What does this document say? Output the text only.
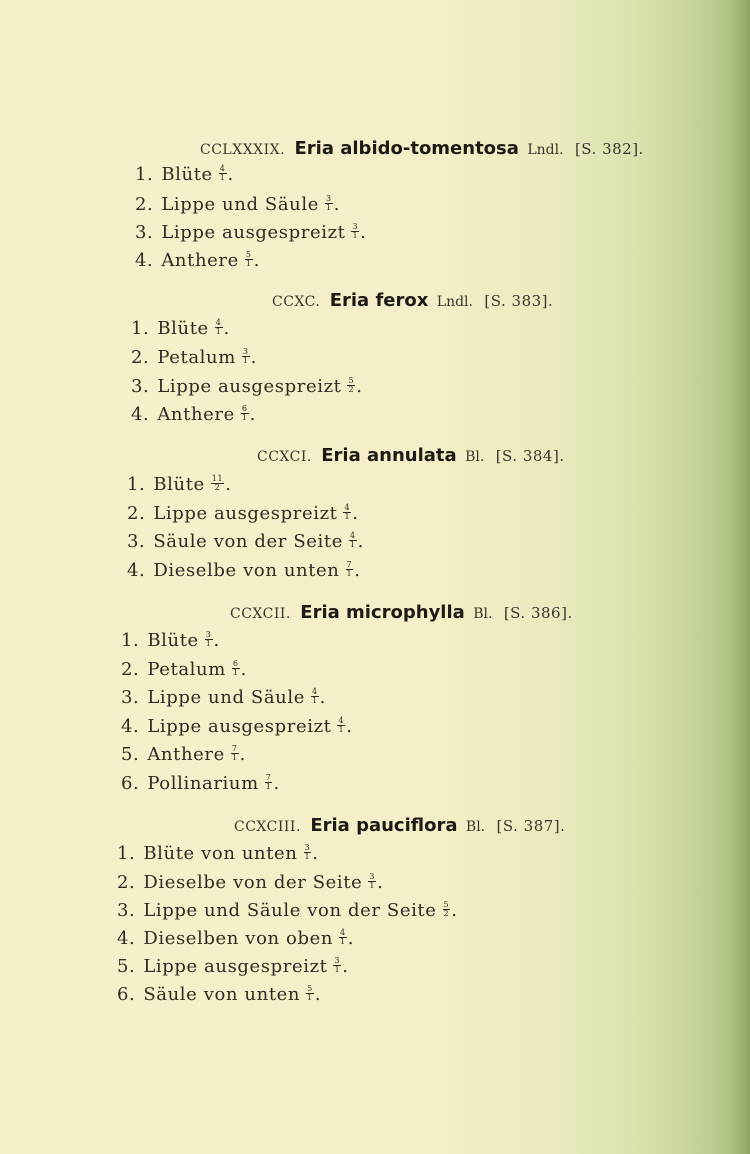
CCLXXXIX. Eria albido-tomentosa Lndl. [S. 382].
1. Blüte $\frac{4}{1}$ .
2. Lippe und Säule $\frac{3}{1}$ .
3. Lippe ausgespreizt $\frac{3}{1}$ .
4. Anthere $\frac{5}{1}$ .
CCXC. Eria ferox Lndl. [S. 383].
1. Blüte $\frac{4}{1}$ .
2. Petalum $\frac{3}{1}$ .
3. Lippe ausgespreizt $\frac{5}{2}$ .
4. Anthere $\frac{6}{1}$ .
CCXCI. Eria annulata Bl. [S. 384].
1. Blüte $\frac{11}{2}$ .
2. Lippe ausgespreizt $\frac{4}{1}$ .
3. Säule von der Seite $\frac{4}{1}$ .
4. Dieselbe von unten $\frac{7}{1}$ .
CCXCII. Eria microphylla Bl. [S. 386].
1. Blüte $\frac{3}{1}$ .
2. Petalum $\frac{6}{1}$ .
3. Lippe und Säule $\frac{4}{1}$ .
4. Lippe ausgespreizt $\frac{4}{1}$ .
5. Anthere $\frac{7}{1}$ .
6. Pollinarium $\frac{7}{1}$ .
CCXCIII. Eria pauciflora Bl. [S. 387].
1. Blüte von unten $\frac{3}{1}$ .
2. Dieselbe von der Seite $\frac{3}{1}$ .
3. Lippe und Säule von der Seite $\frac{5}{2}$ .
4. Dieselben von oben $\frac{4}{1}$ .
5. Lippe ausgespreizt $\frac{3}{1}$ .
6. Säule von unten $\frac{5}{1}$ .
